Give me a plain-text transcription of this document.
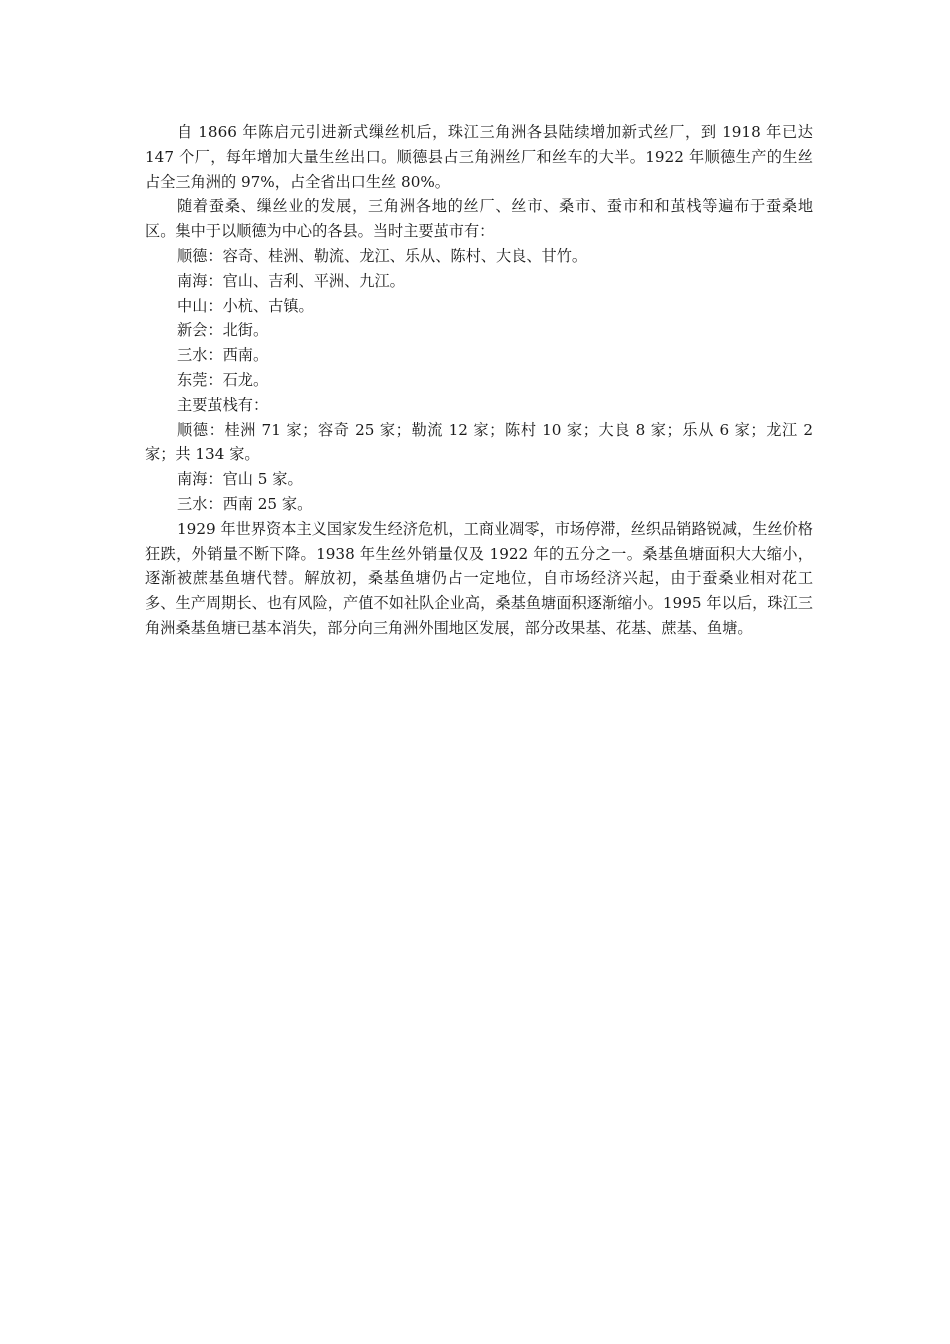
自 1866 年陈启元引进新式缫丝机后，珠江三角洲各县陆续增加新式丝厂，到 1918 年已达 147 个厂，每年增加大量生丝出口。顺德县占三角洲丝厂和丝车的大半。1922 年顺德生产的生丝占全三角洲的 97%，占全省出口生丝 80%。

随着蚕桑、缫丝业的发展，三角洲各地的丝厂、丝市、桑市、蚕市和和茧栈等遍布于蚕桑地区。集中于以顺德为中心的各县。当时主要茧市有：

顺德：容奇、桂洲、勒流、龙江、乐从、陈村、大良、甘竹。

南海：官山、吉利、平洲、九江。

中山：小杭、古镇。

新会：北街。

三水：西南。

东莞：石龙。

主要茧栈有：

顺德：桂洲 71 家；容奇 25 家；勒流 12 家；陈村 10 家；大良 8 家；乐从 6 家；龙江 2 家；共 134 家。

南海：官山 5 家。

三水：西南 25 家。

1929 年世界资本主义国家发生经济危机，工商业凋零，市场停滞，丝织品销路锐减，生丝价格狂跌，外销量不断下降。1938 年生丝外销量仅及 1922 年的五分之一。桑基鱼塘面积大大缩小，逐渐被蔗基鱼塘代替。解放初，桑基鱼塘仍占一定地位，自市场经济兴起，由于蚕桑业相对花工多、生产周期长、也有风险，产值不如社队企业高，桑基鱼塘面积逐渐缩小。1995 年以后，珠江三角洲桑基鱼塘已基本消失，部分向三角洲外围地区发展，部分改果基、花基、蔗基、鱼塘。
